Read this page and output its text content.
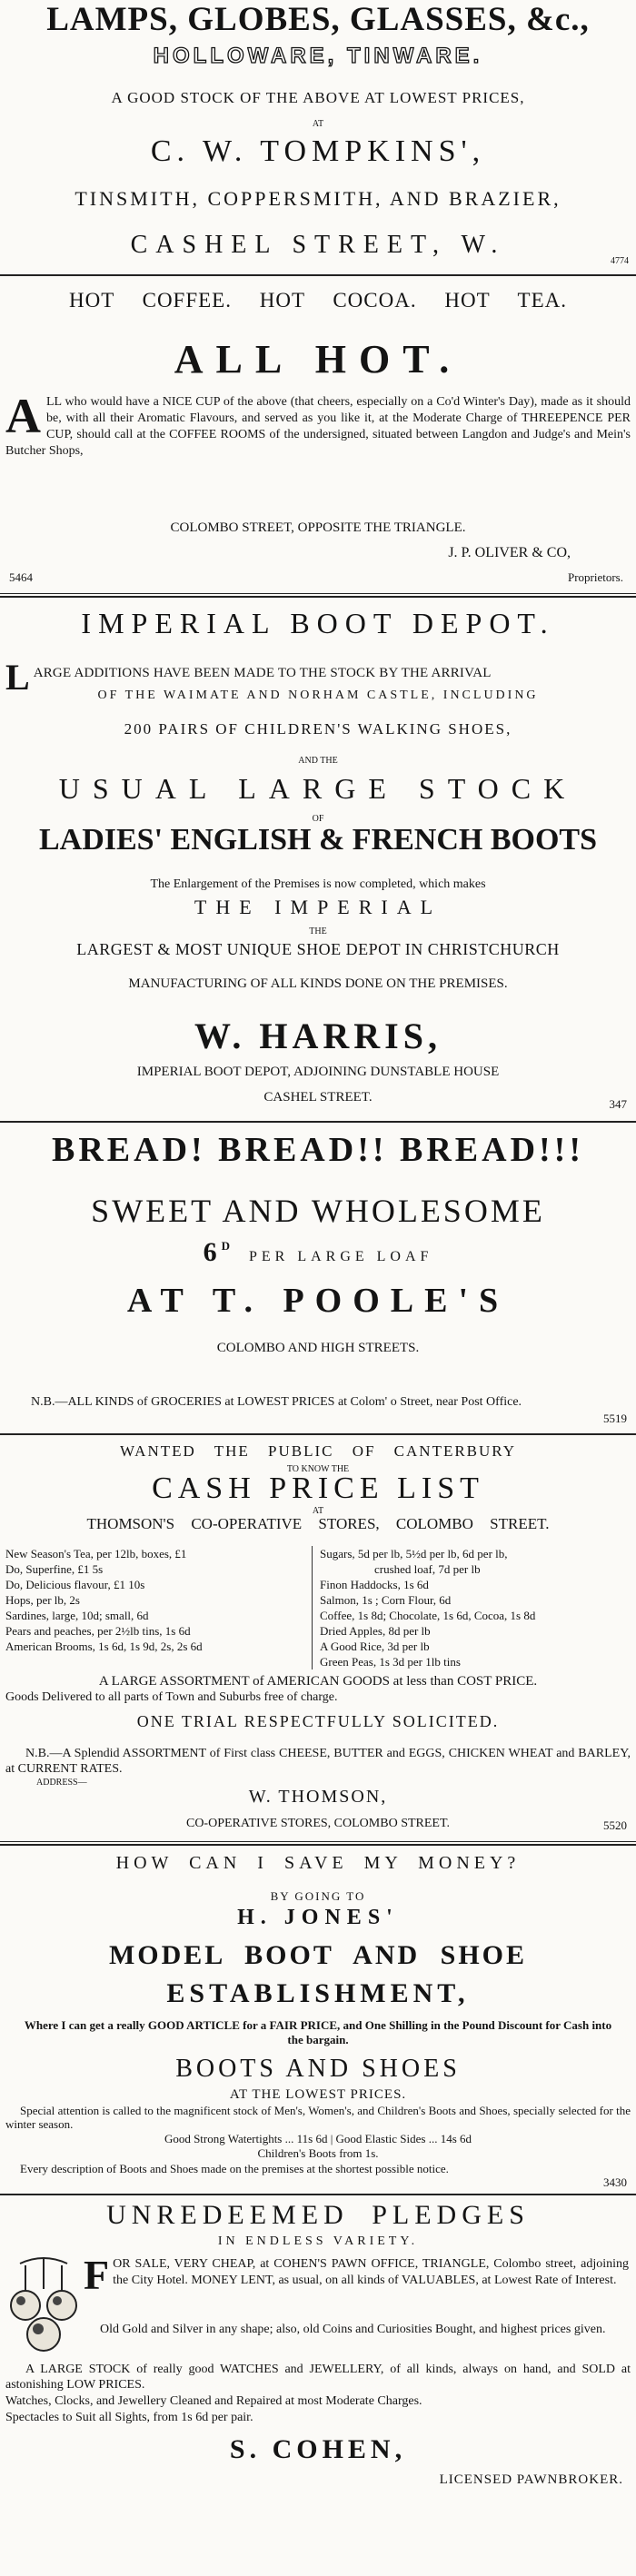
LAMPS, GLOBES, GLASSES, &c.,
HOLLOWARE, TINWARE.
A GOOD STOCK OF THE ABOVE AT LOWEST PRICES,
AT
C. W. TOMPKINS',
TINSMITH, COPPERSMITH, AND BRAZIER,
CASHEL STREET, W.
4774
HOT COFFEE. HOT COCOA. HOT TEA.
ALL HOT.
A LL who would have a NICE CUP of the above (that cheers, especially on a Co'd Winter's Day), made as it should be, with all their Aromatic Flavours, and served as you like it, at the Moderate Charge of THREEPENCE PER CUP, should call at the COFFEE ROOMS of the undersigned, situated between Langdon and Judge's and Mein's Butcher Shops,
COLOMBO STREET, OPPOSITE THE TRIANGLE.
J. P. OLIVER & CO,
5464	Proprietors.
IMPERIAL BOOT DEPOT.
LARGE ADDITIONS HAVE BEEN MADE TO THE STOCK BY THE ARRIVAL
OF THE WAIMATE AND NORHAM CASTLE, INCLUDING
200 PAIRS OF CHILDREN'S WALKING SHOES,
AND THE
USUAL LARGE STOCK
OF
LADIES' ENGLISH & FRENCH BOOTS
The Enlargement of the Premises is now completed, which makes
THE IMPERIAL
THE
LARGEST & MOST UNIQUE SHOE DEPOT IN CHRISTCHURCH
MANUFACTURING OF ALL KINDS DONE ON THE PREMISES.
W. HARRIS,
IMPERIAL BOOT DEPOT, ADJOINING DUNSTABLE HOUSE
CASHEL STREET.	347
BREAD! BREAD!! BREAD!!!
SWEET AND WHOLESOME
$6^DPER$ LARGE LOAF
AT T. POOLE'S
COLOMBO AND HIGH STREETS.
N.B.—ALL KINDS of GROCERIES at LOWEST PRICES at Colom' o Street, near Post Office.
5519
WANTED THE PUBLIC OF CANTERBURY
TO KNOW THE
CASH PRICE LIST
AT
THOMSON'S CO-OPERATIVE STORES, COLOMBO STREET.
New Season's Tea, per 12lb, boxes, £1
Do, Superfine, £1 5s
Do, Delicious flavour, £1 10s
Hops, per lb, 2s
Sardines, large, 10d; small, 6d
Pears and peaches, per 2½lb tins, 1s 6d
American Brooms, 1s 6d, 1s 9d, 2s, 2s 6d
Sugars, 5d per lb, 5½d per lb, 6d per lb,
crushed loaf, 7d per lb
Finon Haddocks, 1s 6d
Salmon, 1s ; Corn Flour, 6d
Coffee, 1s 8d; Chocolate, 1s 6d, Cocoa, 1s 8d
Dried Apples, 8d per lb
A Good Rice, 3d per lb
Green Peas, 1s 3d per 1lb tins
A LARGE ASSORTMENT of AMERICAN GOODS at less than COST PRICE.
Goods Delivered to all parts of Town and Suburbs free of charge.
ONE TRIAL RESPECTFULLY SOLICITED.
N.B.—A Splendid ASSORTMENT of First class CHEESE, BUTTER and EGGS, CHICKEN WHEAT and BARLEY, at CURRENT RATES.
ADDRESS—
W. THOMSON,
CO-OPERATIVE STORES, COLOMBO STREET.	5520
HOW CAN I SAVE MY MONEY?
BY GOING TO
H. JONES'
MODEL BOOT AND SHOE
ESTABLISHMENT,
Where I can get a really GOOD ARTICLE for a FAIR PRICE, and One Shilling in the Pound Discount for Cash into the bargain.
BOOTS AND SHOES
AT THE LOWEST PRICES.
Special attention is called to the magnificent stock of Men's, Women's, and Children's Boots and Shoes, specially selected for the winter season.
Good Strong Watertights ... 11s 6d | Good Elastic Sides ... 14s 6d
Children's Boots from 1s.
Every description of Boots and Shoes made on the premises at the shortest possible notice.
3430
UNREDEEMED PLEDGES
IN ENDLESS VARIETY.
F OR SALE, VERY CHEAP, at COHEN'S PAWN OFFICE, TRIANGLE, Colombo street, adjoining the City Hotel. MONEY LENT, as usual, on all kinds of VALUABLES, at Lowest Rate of Interest.
Old Gold and Silver in any shape; also, old Coins and Curiosities Bought, and highest prices given.
A LARGE STOCK of really good WATCHES and JEWELLERY, of all kinds, always on hand, and SOLD at astonishing LOW PRICES.
Watches, Clocks, and Jewellery Cleaned and Repaired at most Moderate Charges.
Spectacles to Suit all Sights, from 1s 6d per pair.
S. COHEN,
LICENSED PAWNBROKER.
